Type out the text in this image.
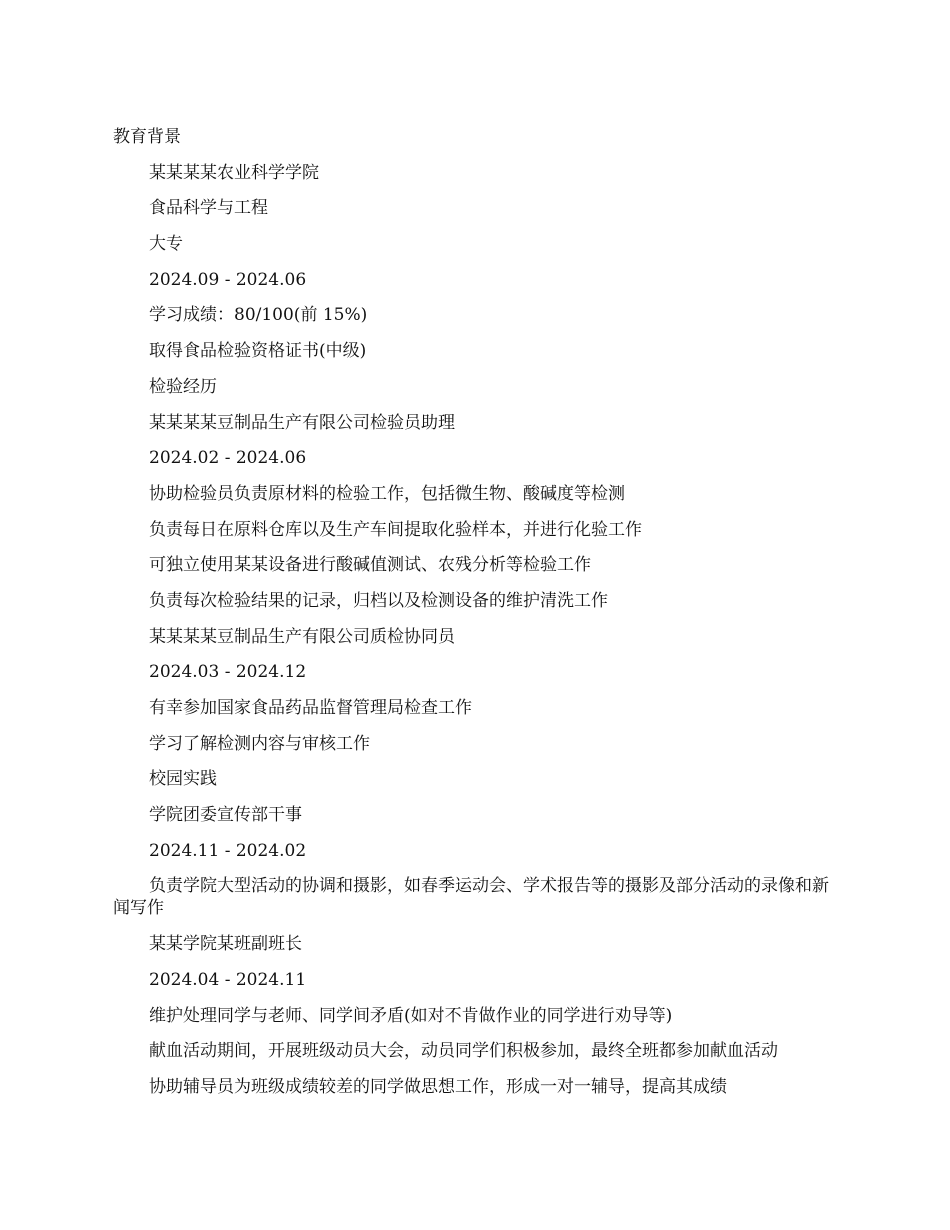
教育背景

某某某某农业科学学院

食品科学与工程

大专

2024.09 - 2024.06

学习成绩：80/100(前 15%)

取得食品检验资格证书(中级)

检验经历

某某某某豆制品生产有限公司检验员助理

2024.02 - 2024.06

协助检验员负责原材料的检验工作，包括微生物、酸碱度等检测

负责每日在原料仓库以及生产车间提取化验样本，并进行化验工作

可独立使用某某设备进行酸碱值测试、农残分析等检验工作

负责每次检验结果的记录，归档以及检测设备的维护清洗工作

某某某某豆制品生产有限公司质检协同员

2024.03 - 2024.12

有幸参加国家食品药品监督管理局检查工作

学习了解检测内容与审核工作

校园实践

学院团委宣传部干事

2024.11 - 2024.02

负责学院大型活动的协调和摄影，如春季运动会、学术报告等的摄影及部分活动的录像和新闻写作

某某学院某班副班长

2024.04 - 2024.11

维护处理同学与老师、同学间矛盾(如对不肯做作业的同学进行劝导等)

献血活动期间，开展班级动员大会，动员同学们积极参加，最终全班都参加献血活动

协助辅导员为班级成绩较差的同学做思想工作，形成一对一辅导，提高其成绩
